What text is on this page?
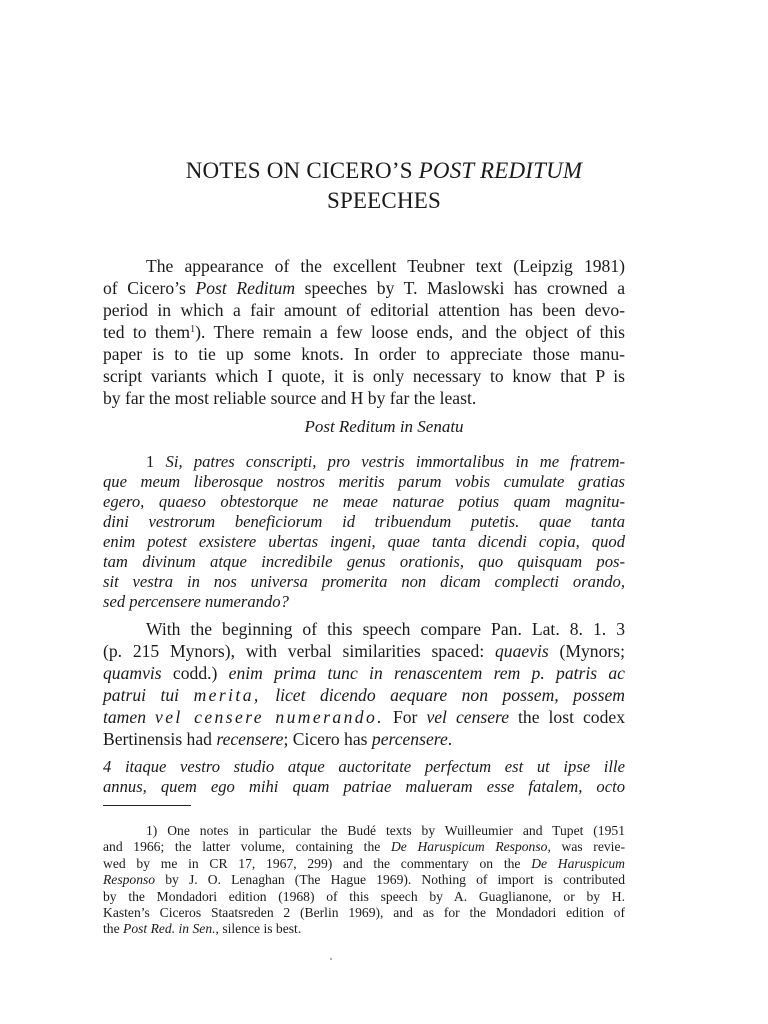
NOTES ON CICERO’S POST REDITUM
SPEECHES
The appearance of the excellent Teubner text (Leipzig 1981)
of Cicero’s Post Reditum speeches by T. Maslowski has crowned a
period in which a fair amount of editorial attention has been devo-
ted to them$^1$). There remain a few loose ends, and the object of this
paper is to tie up some knots. In order to appreciate those manu-
script variants which I quote, it is only necessary to know that P is
by far the most reliable source and H by far the least.
Post Reditum in Senatu
1 Si, patres conscripti, pro vestris immortalibus in me fratrem-
que meum liberosque nostros meritis parum vobis cumulate gratias
egero, quaeso obtestorque ne meae naturae potius quam magnitu-
dini vestrorum beneficiorum id tribuendum putetis. quae tanta
enim potest exsistere ubertas ingeni, quae tanta dicendi copia, quod
tam divinum atque incredibile genus orationis, quo quisquam pos-
sit vestra in nos universa promerita non dicam complecti orando,
sed percensere numerando?
With the beginning of this speech compare Pan. Lat. 8. 1. 3
(p. 215 Mynors), with verbal similarities spaced: quaevis (Mynors;
quamvis codd.) enim prima tunc in renascentem rem p. patris ac
patrui tui merita, licet dicendo aequare non possem, possem
tamen vel censere numerando. For vel censere the lost codex
Bertinensis had recensere; Cicero has percensere.
4 itaque vestro studio atque auctoritate perfectum est ut ipse ille
annus, quem ego mihi quam patriae malueram esse fatalem, octo
1) One notes in particular the Budé texts by Wuilleumier and Tupet (1951
and 1966; the latter volume, containing the De Haruspicum Responso, was revie-
wed by me in CR 17, 1967, 299) and the commentary on the De Haruspicum
Responso by J. O. Lenaghan (The Hague 1969). Nothing of import is contributed
by the Mondadori edition (1968) of this speech by A. Guaglianone, or by H.
Kasten’s Ciceros Staatsreden 2 (Berlin 1969), and as for the Mondadori edition of
the Post Red. in Sen., silence is best.
